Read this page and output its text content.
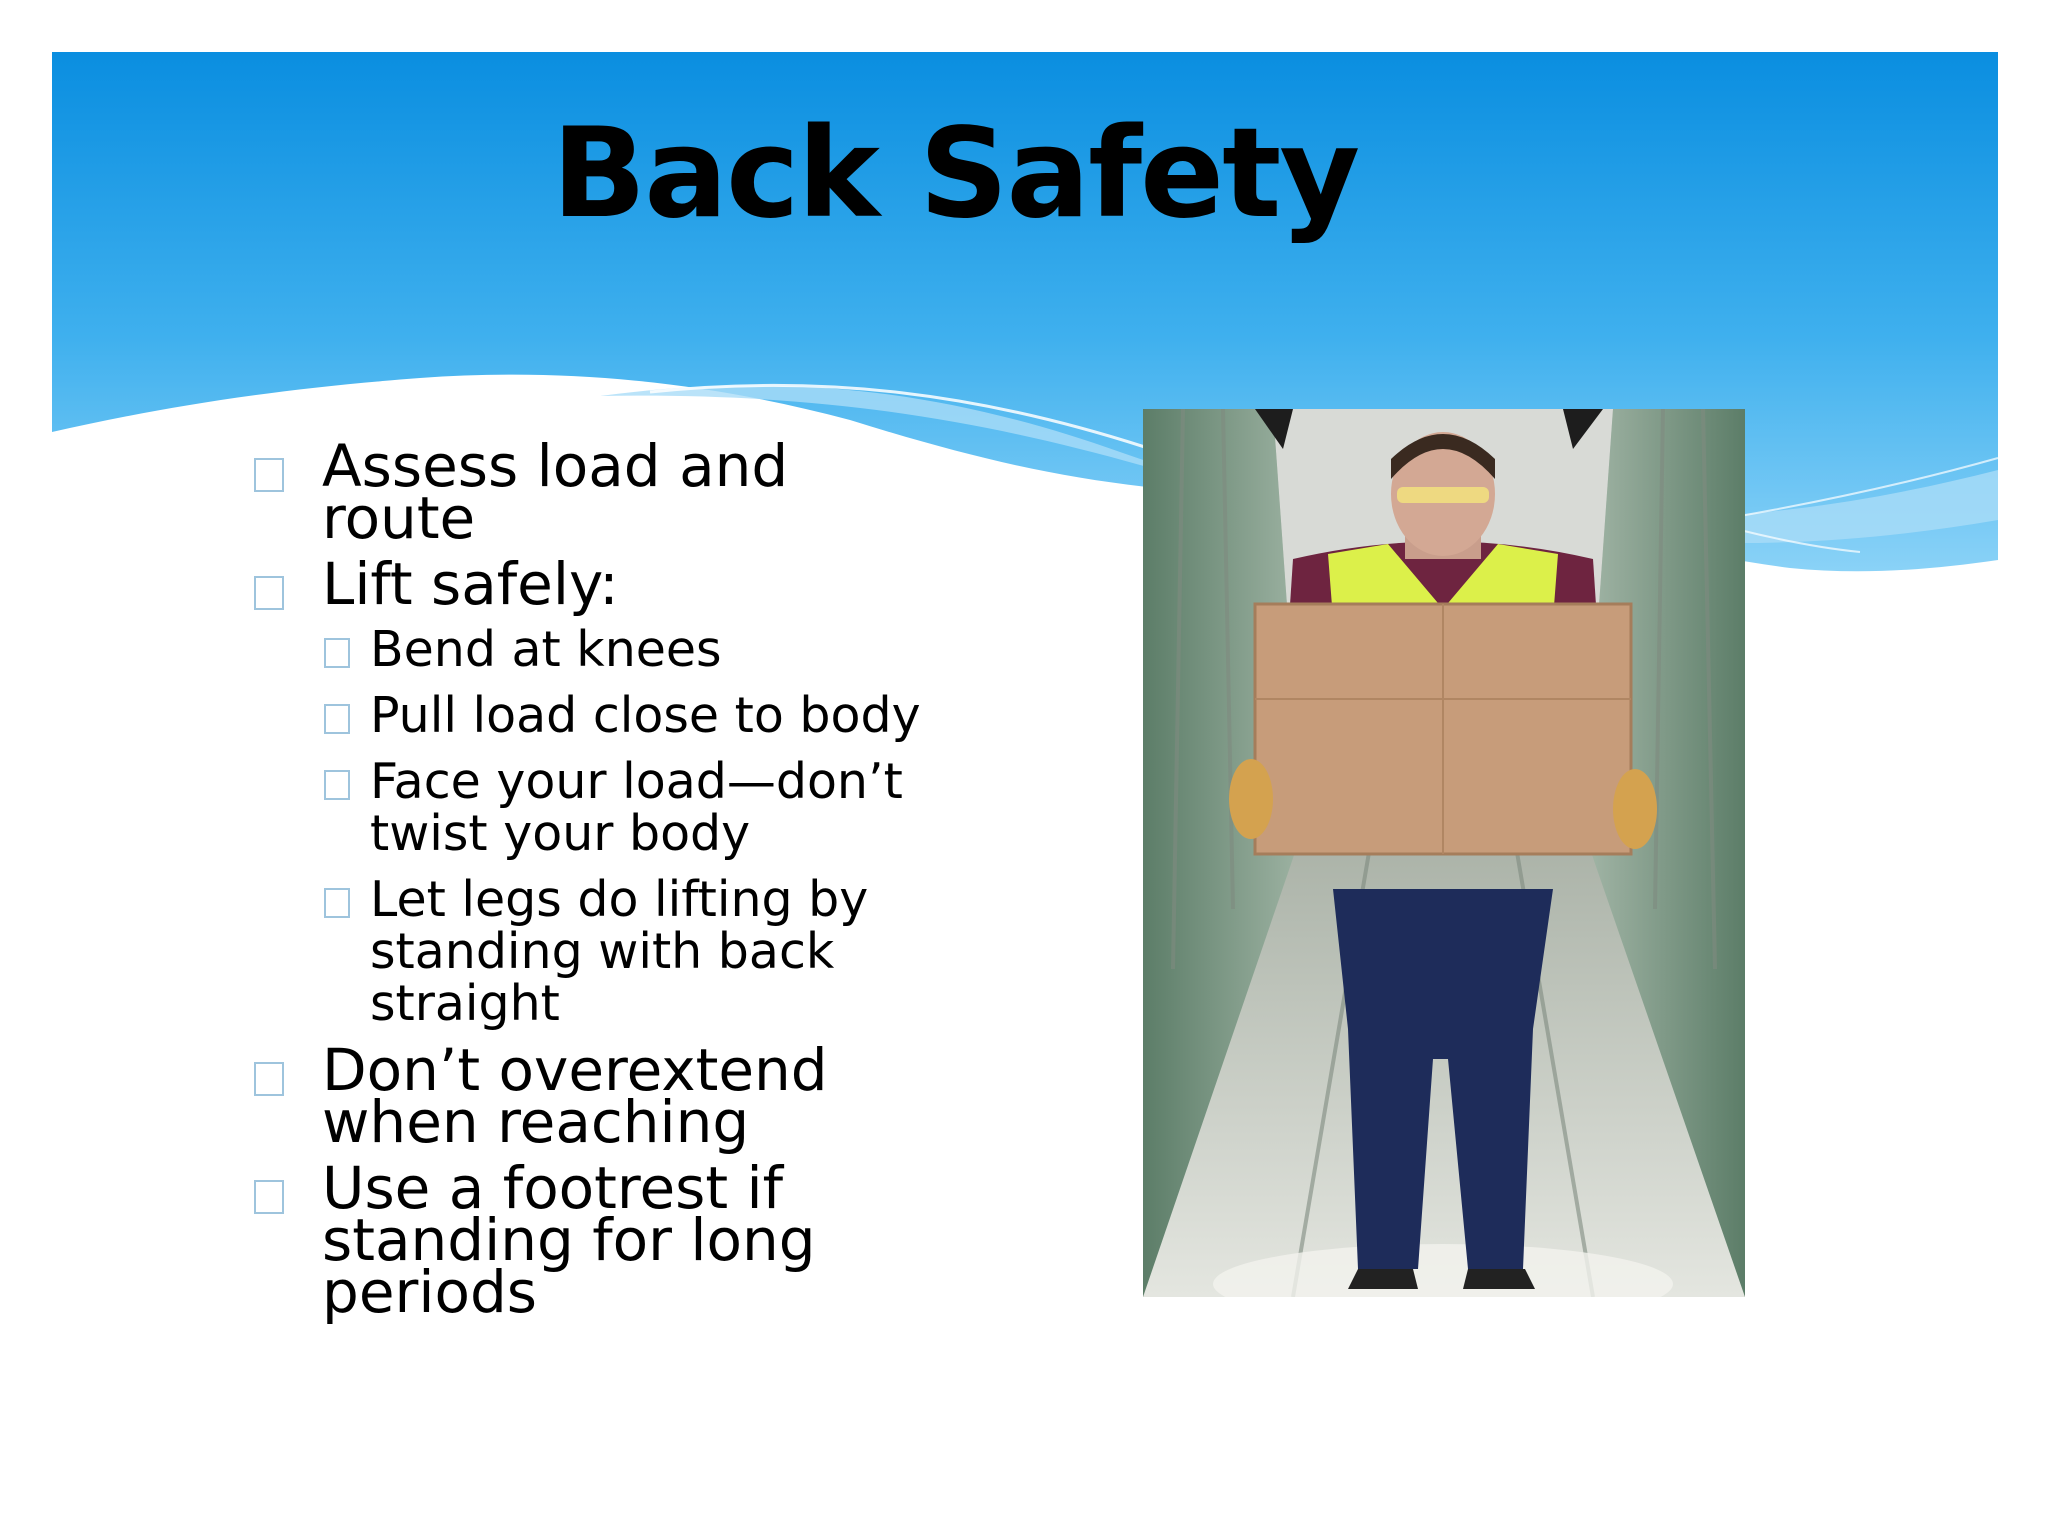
Back Safety
Assess load and route
Lift safely:
Bend at knees
Pull load close to body
Face your load—don’t twist your body
Let legs do lifting by standing with back straight
Don’t overextend when reaching
Use a footrest if standing for long periods
